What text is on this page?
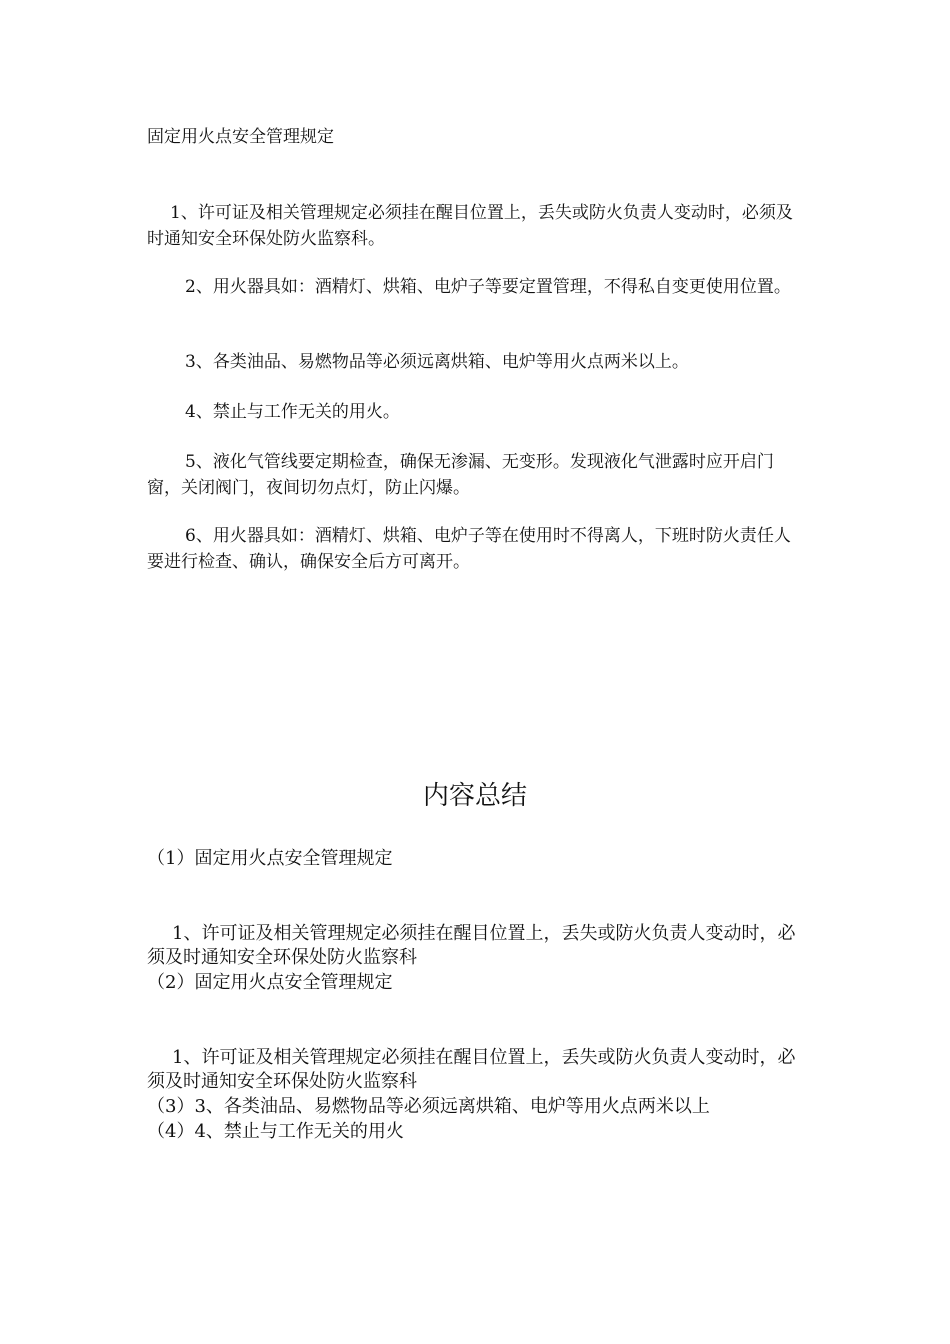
固定用火点安全管理规定

1、许可证及相关管理规定必须挂在醒目位置上，丢失或防火负责人变动时，必须及时通知安全环保处防火监察科。

2、用火器具如：酒精灯、烘箱、电炉子等要定置管理，不得私自变更使用位置。

3、各类油品、易燃物品等必须远离烘箱、电炉等用火点两米以上。

4、禁止与工作无关的用火。

5、液化气管线要定期检查，确保无渗漏、无变形。发现液化气泄露时应开启门窗，关闭阀门，夜间切勿点灯，防止闪爆。

6、用火器具如：酒精灯、烘箱、电炉子等在使用时不得离人，下班时防火责任人要进行检查、确认，确保安全后方可离开。

内容总结

（1）固定用火点安全管理规定

1、许可证及相关管理规定必须挂在醒目位置上，丢失或防火负责人变动时，必须及时通知安全环保处防火监察科

（2）固定用火点安全管理规定

1、许可证及相关管理规定必须挂在醒目位置上，丢失或防火负责人变动时，必须及时通知安全环保处防火监察科

（3）3、各类油品、易燃物品等必须远离烘箱、电炉等用火点两米以上

（4）4、禁止与工作无关的用火
